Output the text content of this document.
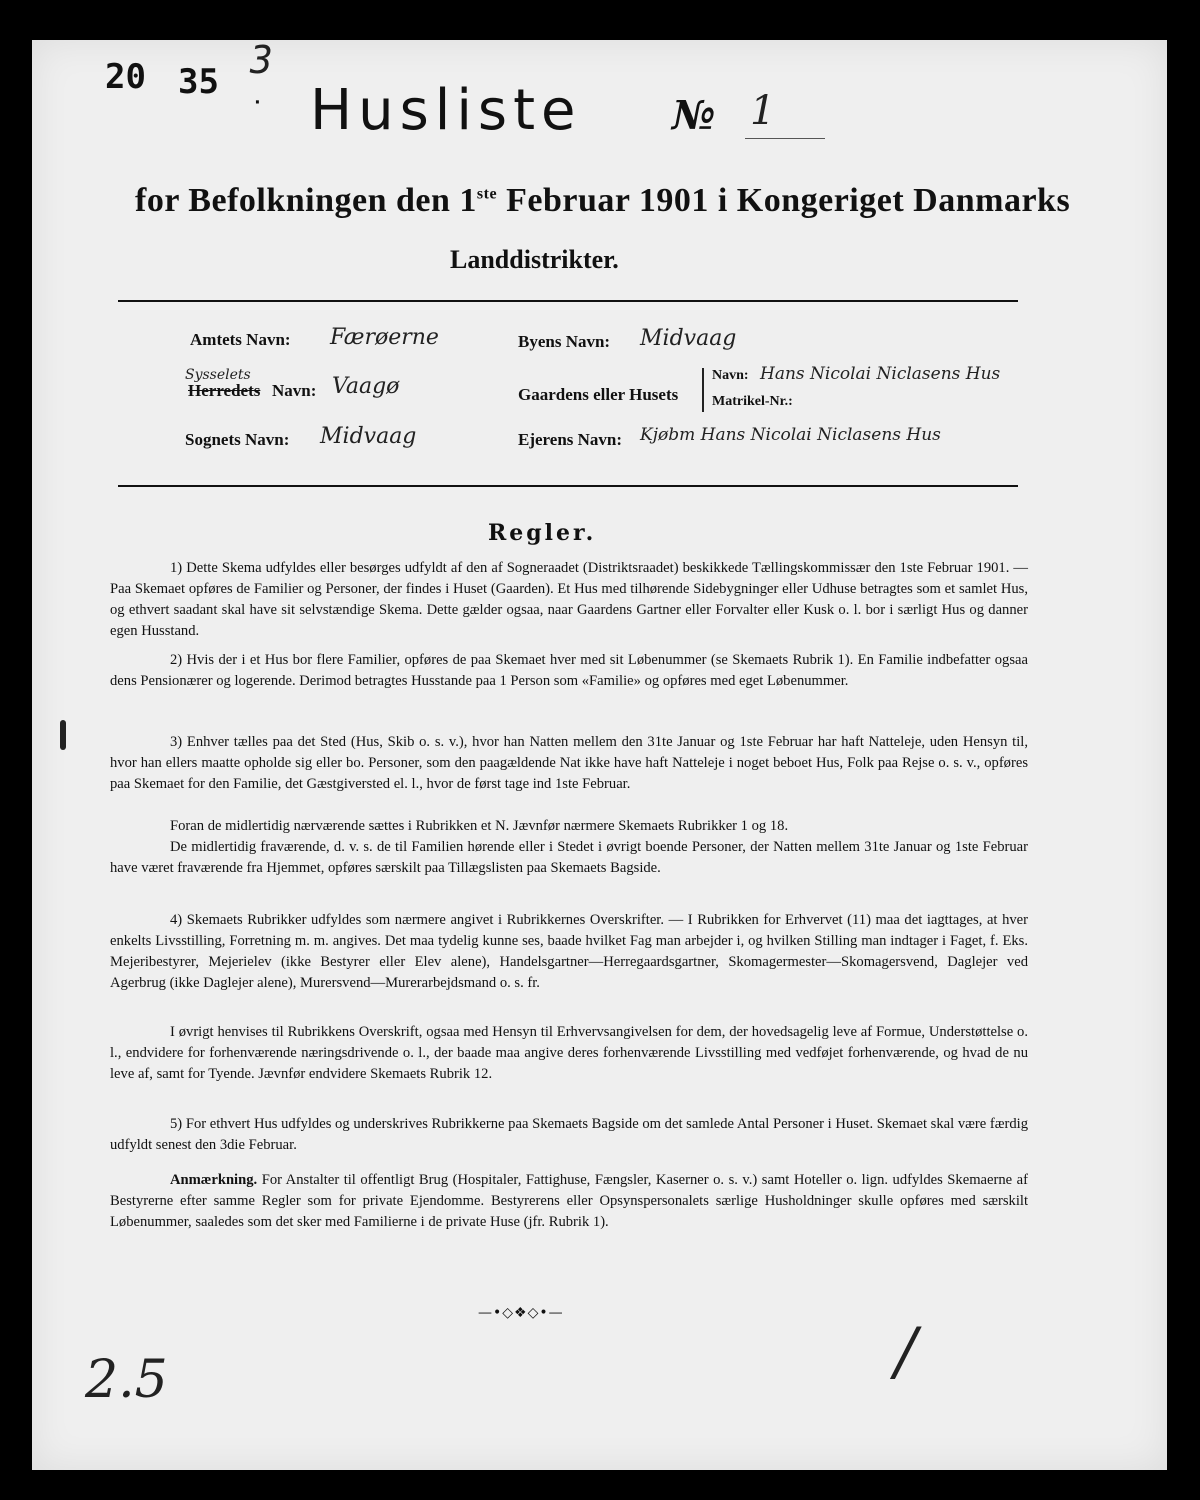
20 35 3
· Husliste № 1
for Befolkningen den 1ste Februar 1901 i Kongeriget Danmarks
Landdistrikter.
Amtets Navn: Færøerne
Sysselets
Herredets Navn: Vaagø
Sognets Navn: Midvaag
Byens Navn: Midvaag
Gaardens eller Husets
Navn: Hans Nicolai Niclasens Hus
Matrikel-Nr.:
Ejerens Navn: Kjøbm Hans Nicolai Niclasens Hus
Regler.
1) Dette Skema udfyldes eller besørges udfyldt af den af Sogneraadet (Distriktsraadet) beskikkede Tællingskommissær den 1ste Februar 1901. — Paa Skemaet opføres de Familier og Personer, der findes i Huset (Gaarden). Et Hus med tilhørende Sidebygninger eller Udhuse betragtes som et samlet Hus, og ethvert saadant skal have sit selvstændige Skema. Dette gælder ogsaa, naar Gaardens Gartner eller Forvalter eller Kusk o. l. bor i særligt Hus og danner egen Husstand.
2) Hvis der i et Hus bor flere Familier, opføres de paa Skemaet hver med sit Løbenummer (se Skemaets Rubrik 1). En Familie indbefatter ogsaa dens Pensionærer og logerende. Derimod betragtes Husstande paa 1 Person som «Familie» og opføres med eget Løbenummer.
3) Enhver tælles paa det Sted (Hus, Skib o. s. v.), hvor han Natten mellem den 31te Januar og 1ste Februar har haft Natteleje, uden Hensyn til, hvor han ellers maatte opholde sig eller bo. Personer, som den paagældende Nat ikke have haft Natteleje i noget beboet Hus, Folk paa Rejse o. s. v., opføres paa Skemaet for den Familie, det Gæstgiversted el. l., hvor de først tage ind 1ste Februar.
Foran de midlertidig nærværende sættes i Rubrikken et N. Jævnfør nærmere Skemaets Rubrikker 1 og 18.
De midlertidig fraværende, d. v. s. de til Familien hørende eller i Stedet i øvrigt boende Personer, der Natten mellem 31te Januar og 1ste Februar have været fraværende fra Hjemmet, opføres særskilt paa Tillægslisten paa Skemaets Bagside.
4) Skemaets Rubrikker udfyldes som nærmere angivet i Rubrikkernes Overskrifter. — I Rubrikken for Erhvervet (11) maa det iagttages, at hver enkelts Livsstilling, Forretning m. m. angives. Det maa tydelig kunne ses, baade hvilket Fag man arbejder i, og hvilken Stilling man indtager i Faget, f. Eks. Mejeribestyrer, Mejerielev (ikke Bestyrer eller Elev alene), Handelsgartner—Herregaardsgartner, Skomagermester—Skomagersvend, Daglejer ved Agerbrug (ikke Daglejer alene), Murersvend—Murerarbejdsmand o. s. fr.
I øvrigt henvises til Rubrikkens Overskrift, ogsaa med Hensyn til Erhvervsangivelsen for dem, der hovedsagelig leve af Formue, Understøttelse o. l., endvidere for forhenværende næringsdrivende o. l., der baade maa angive deres forhenværende Livsstilling med vedføjet forhenværende, og hvad de nu leve af, samt for Tyende. Jævnfør endvidere Skemaets Rubrik 12.
5) For ethvert Hus udfyldes og underskrives Rubrikkerne paa Skemaets Bagside om det samlede Antal Personer i Huset. Skemaet skal være færdig udfyldt senest den 3die Februar.
Anmærkning. For Anstalter til offentligt Brug (Hospitaler, Fattighuse, Fængsler, Kaserner o. s. v.) samt Hoteller o. lign. udfyldes Skemaerne af Bestyrerne efter samme Regler som for private Ejendomme. Bestyrerens eller Opsynspersonalets særlige Husholdninger skulle opføres med særskilt Løbenummer, saaledes som det sker med Familierne i de private Huse (jfr. Rubrik 1).
—•◇❖◇•—
2.5	/
